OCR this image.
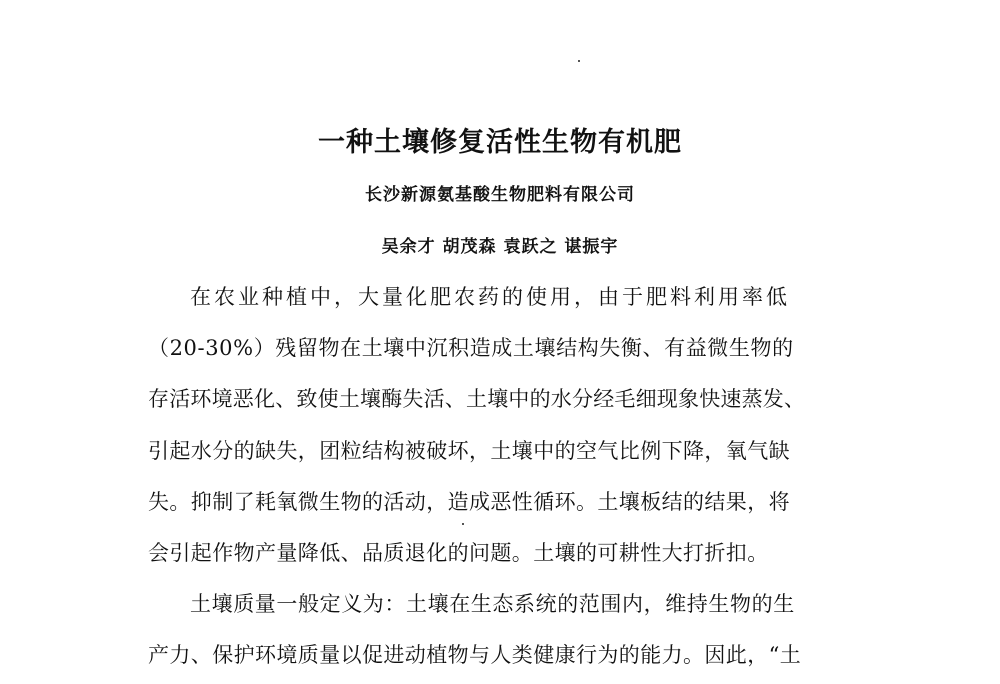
一种土壤修复活性生物有机肥
长沙新源氨基酸生物肥料有限公司
吴余才 胡茂森 袁跃之 谌振宇
在农业种植中，大量化肥农药的使用，由于肥料利用率低
（20-30%）残留物在土壤中沉积造成土壤结构失衡、有益微生物的
存活环境恶化、致使土壤酶失活、土壤中的水分经毛细现象快速蒸发、
引起水分的缺失，团粒结构被破坏，土壤中的空气比例下降，氧气缺
失。抑制了耗氧微生物的活动，造成恶性循环。土壤板结的结果，将
会引起作物产量降低、品质退化的问题。土壤的可耕性大打折扣。
土壤质量一般定义为：土壤在生态系统的范围内，维持生物的生
产力、保护环境质量以促进动植物与人类健康行为的能力。因此，“土
